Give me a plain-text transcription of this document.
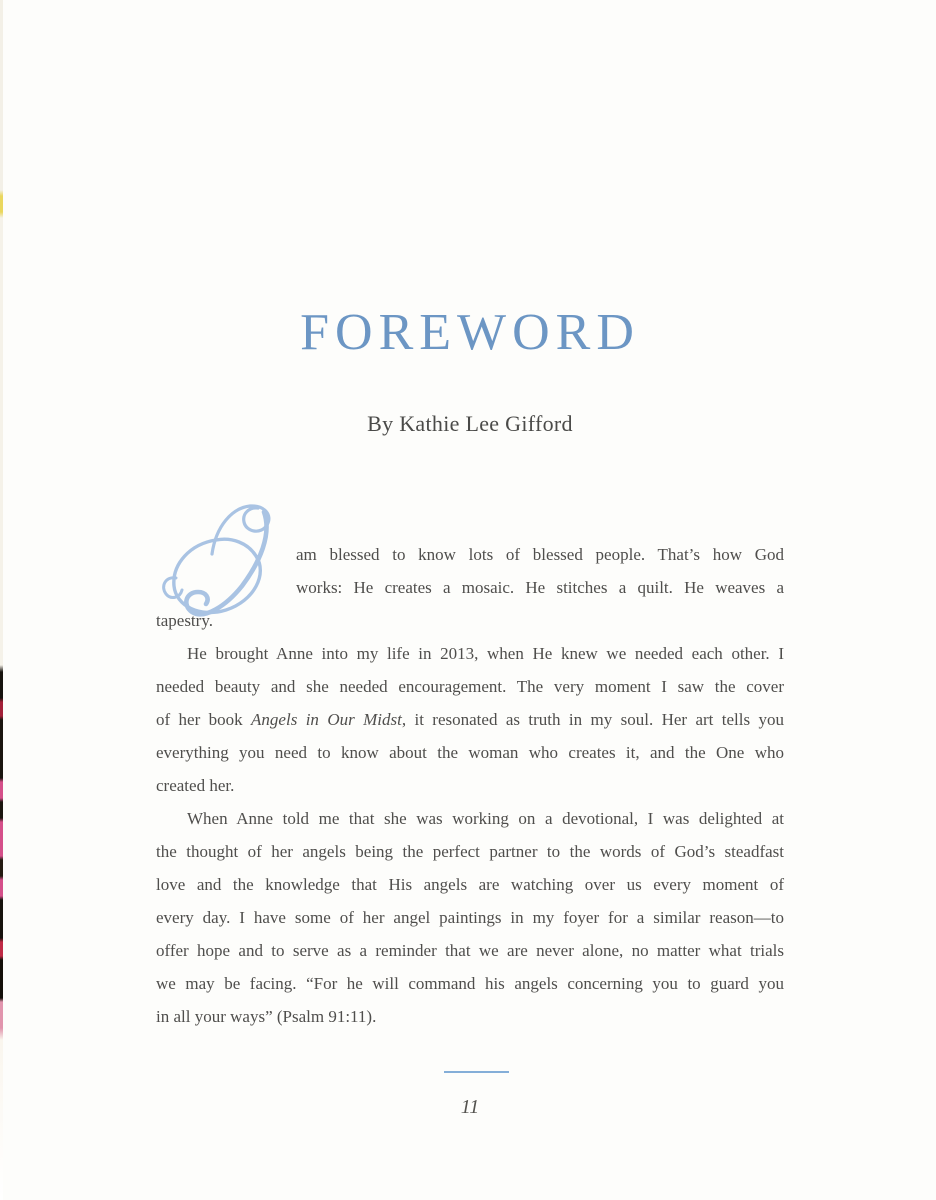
FOREWORD
By Kathie Lee Gifford
am blessed to know lots of blessed people. That’s how God
works: He creates a mosaic. He stitches a quilt. He weaves a
tapestry.
He brought Anne into my life in 2013, when He knew we needed each other. I
needed beauty and she needed encouragement. The very moment I saw the cover
of her book Angels in Our Midst, it resonated as truth in my soul. Her art tells you
everything you need to know about the woman who creates it, and the One who
created her.
When Anne told me that she was working on a devotional, I was delighted at
the thought of her angels being the perfect partner to the words of God’s steadfast
love and the knowledge that His angels are watching over us every moment of
every day. I have some of her angel paintings in my foyer for a similar reason—to
offer hope and to serve as a reminder that we are never alone, no matter what trials
we may be facing. “For he will command his angels concerning you to guard you
in all your ways” (Psalm 91:11).
11
